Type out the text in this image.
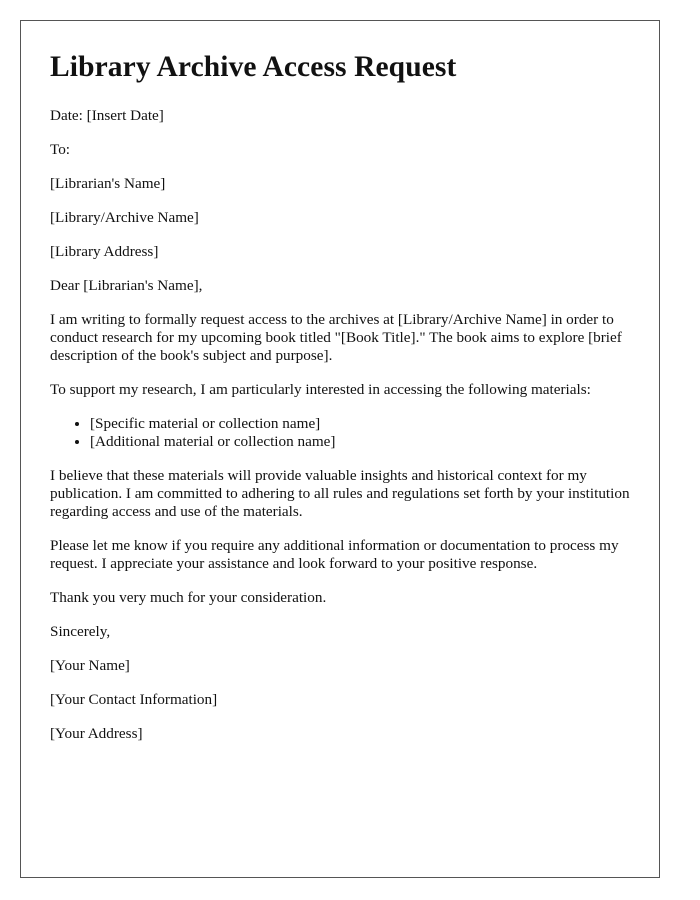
Library Archive Access Request
Date: [Insert Date]
To:
[Librarian's Name]
[Library/Archive Name]
[Library Address]
Dear [Librarian's Name],

I am writing to formally request access to the archives at [Library/Archive Name] in order to conduct research for my upcoming book titled "[Book Title]." The book aims to explore [brief description of the book's subject and purpose].

To support my research, I am particularly interested in accessing the following materials:

• [Specific material or collection name]
• [Additional material or collection name]

I believe that these materials will provide valuable insights and historical context for my publication. I am committed to adhering to all rules and regulations set forth by your institution regarding access and use of the materials.

Please let me know if you require any additional information or documentation to process my request. I appreciate your assistance and look forward to your positive response.

Thank you very much for your consideration.
Sincerely,
[Your Name]
[Your Contact Information]
[Your Address]
